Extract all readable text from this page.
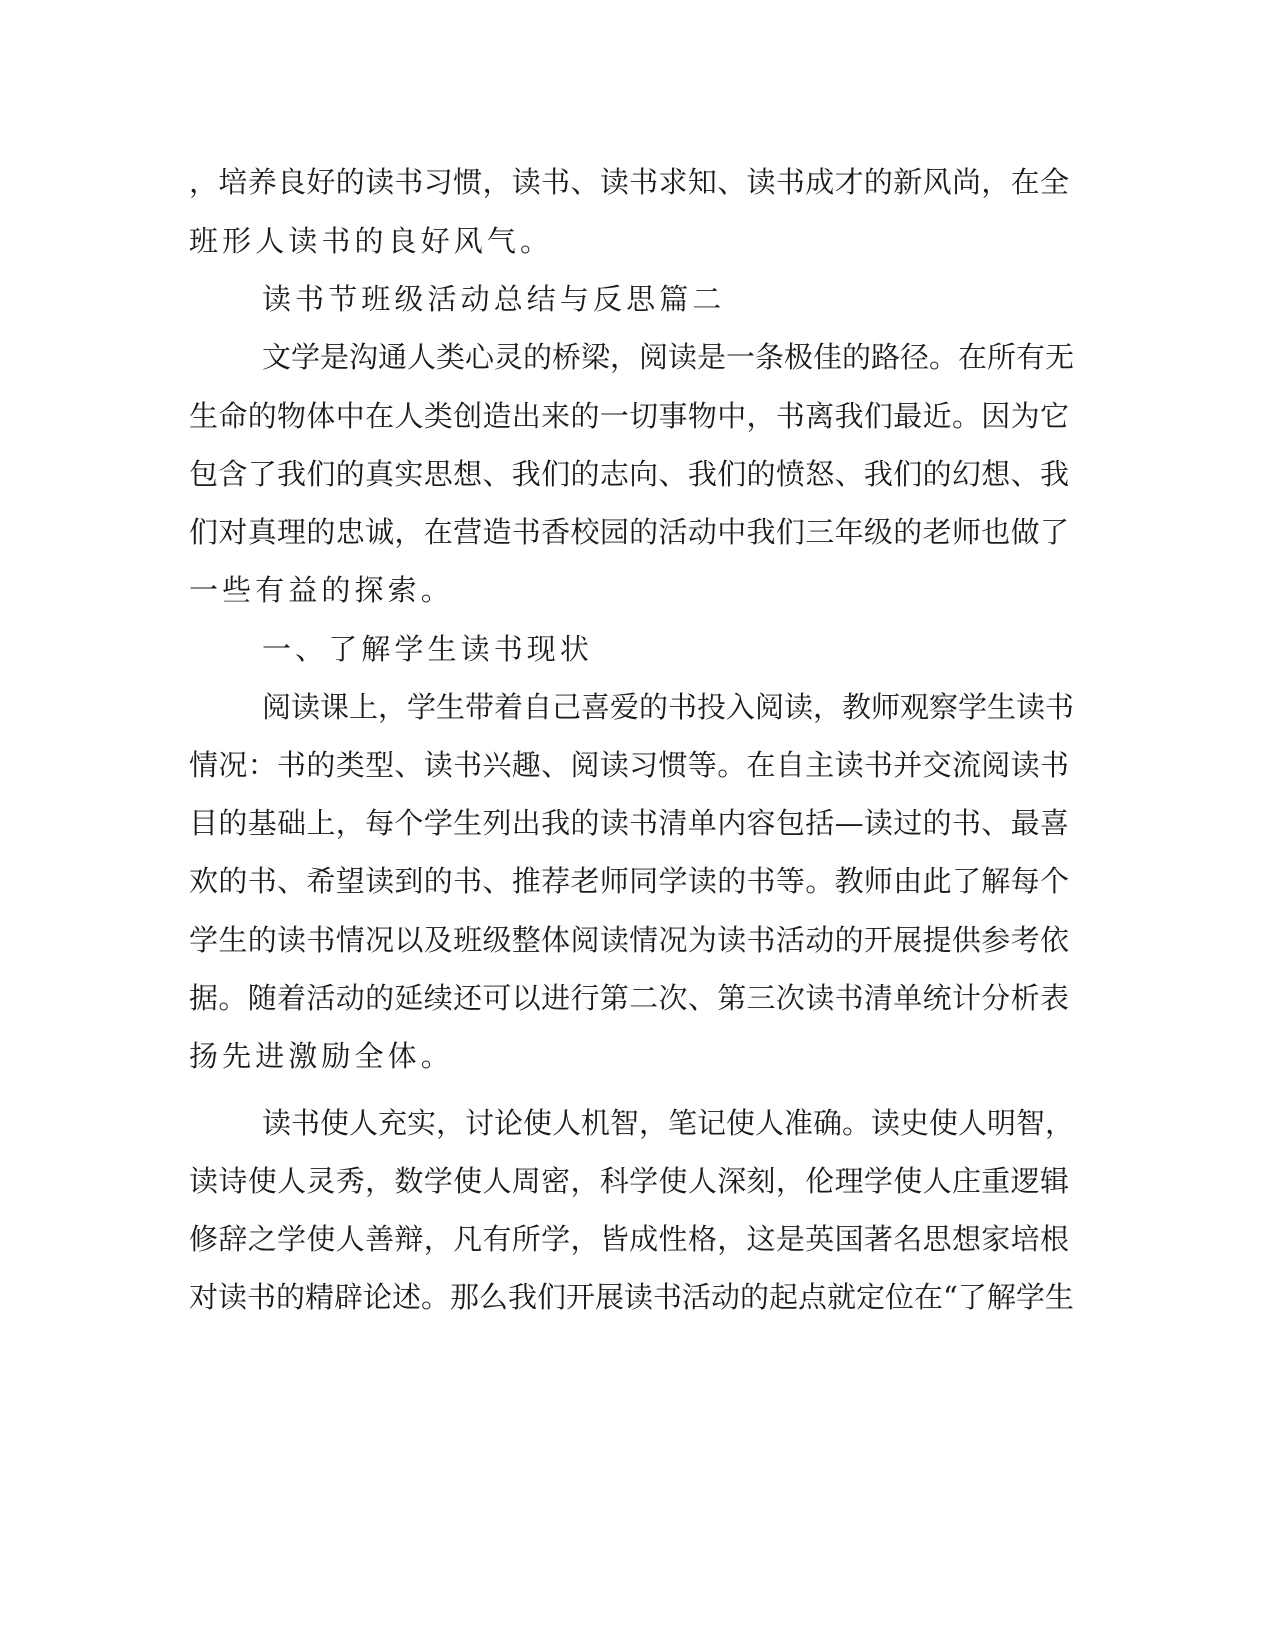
，培养良好的读书习惯，读书、读书求知、读书成才的新风尚，在全

班形人读书的良好风气。

读书节班级活动总结与反思篇二

文学是沟通人类心灵的桥梁，阅读是一条极佳的路径。在所有无

生命的物体中在人类创造出来的一切事物中，书离我们最近。因为它

包含了我们的真实思想、我们的志向、我们的愤怒、我们的幻想、我

们对真理的忠诚，在营造书香校园的活动中我们三年级的老师也做了

一些有益的探索。

一、了解学生读书现状

阅读课上，学生带着自己喜爱的书投入阅读，教师观察学生读书

情况：书的类型、读书兴趣、阅读习惯等。在自主读书并交流阅读书

目的基础上，每个学生列出我的读书清单内容包括—读过的书、最喜

欢的书、希望读到的书、推荐老师同学读的书等。教师由此了解每个

学生的读书情况以及班级整体阅读情况为读书活动的开展提供参考依

据。随着活动的延续还可以进行第二次、第三次读书清单统计分析表

扬先进激励全体。

读书使人充实，讨论使人机智，笔记使人准确。读史使人明智，

读诗使人灵秀，数学使人周密，科学使人深刻，伦理学使人庄重逻辑

修辞之学使人善辩，凡有所学，皆成性格，这是英国著名思想家培根

对读书的精辟论述。那么我们开展读书活动的起点就定位在“了解学生
